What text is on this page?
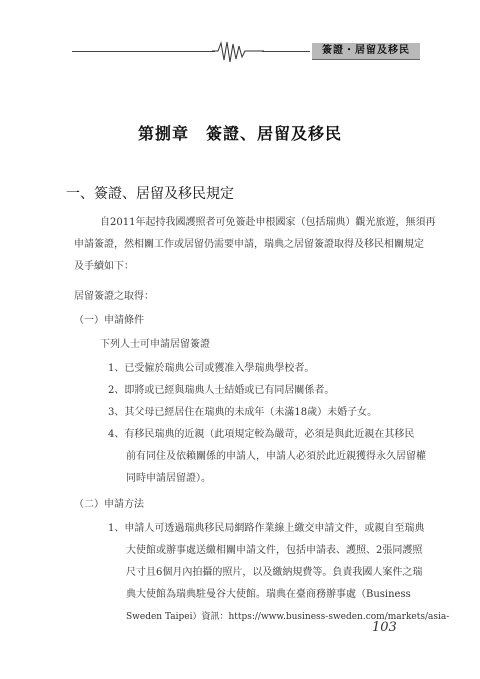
簽證・居留及移民
第捌章　簽證、居留及移民
一、簽證、居留及移民規定
自2011年起持我國護照者可免簽赴申根國家（包括瑞典）觀光旅遊，無須再
申請簽證，然相關工作或居留仍需要申請，瑞典之居留簽證取得及移民相關規定
及手續如下：
居留簽證之取得：
（一）申請條件
下列人士可申請居留簽證
1、已受僱於瑞典公司或獲准入學瑞典學校者。
2、即將或已經與瑞典人士結婚或已有同居關係者。
3、其父母已經居住在瑞典的未成年（未滿18歲）未婚子女。
4、有移民瑞典的近親（此項規定較為嚴苛，必須是與此近親在其移民
前有同住及依賴關係的申請人，申請人必須於此近親獲得永久居留權
同時申請居留證）。
（二）申請方法
1、申請人可透過瑞典移民局網路作業線上繳交申請文件，或親自至瑞典
大使館或辦事處送繳相關申請文件，包括申請表、護照、2張同護照
尺寸且6個月內拍攝的照片，以及繳納規費等。負責我國人案件之瑞
典大使館為瑞典駐曼谷大使館。瑞典在臺商務辦事處（Business
Sweden Taipei）資訊：https://www.business-sweden.com/markets/asia-
103
